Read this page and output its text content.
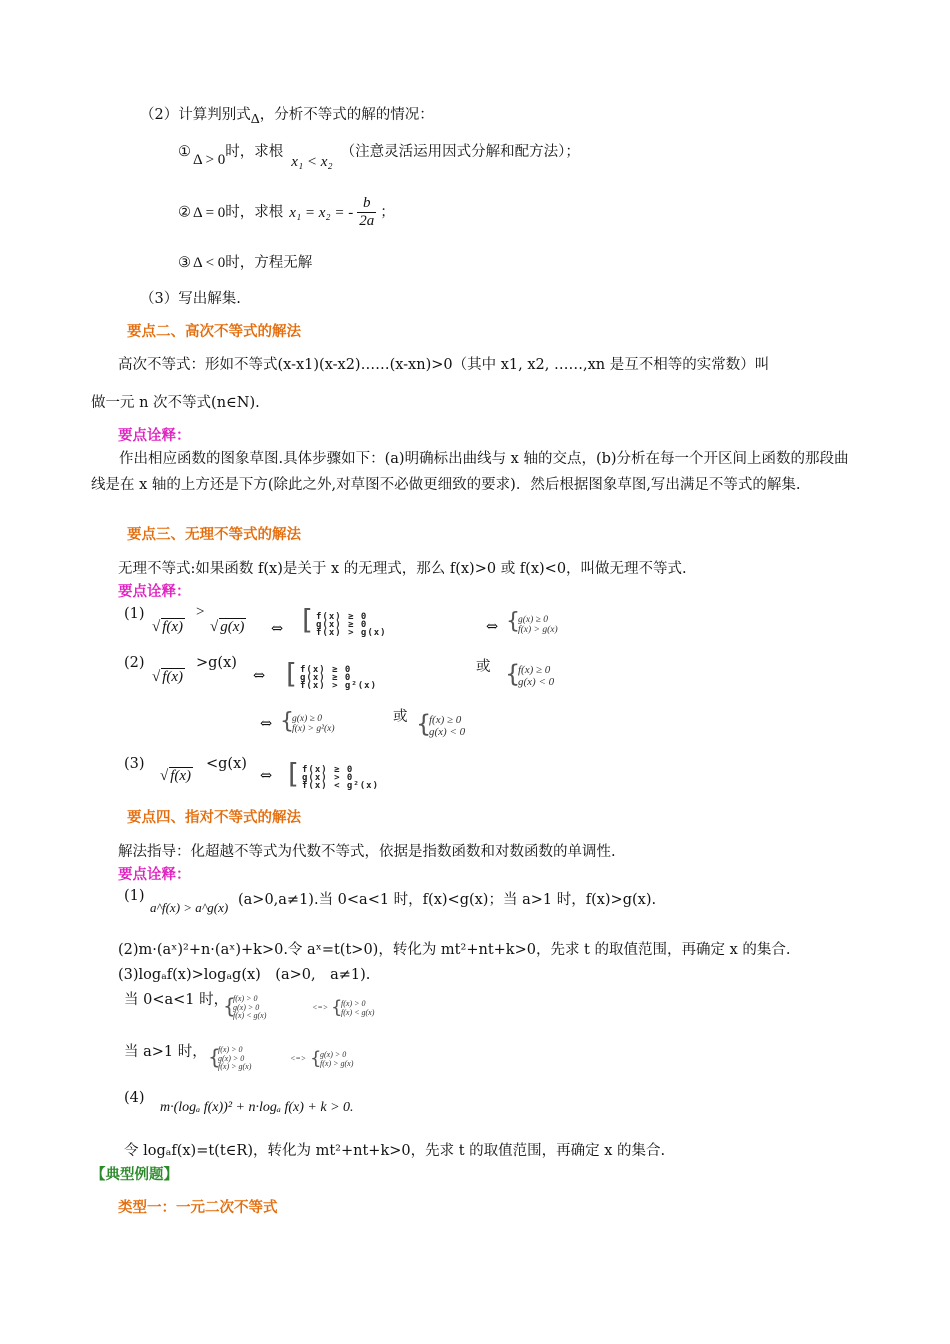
（2）计算判别式Δ，分析不等式的解的情况：
① Δ > 0时，求根x₁ < x₂（注意灵活运用因式分解和配方法）；
② Δ = 0时，求根 x₁ = x₂ = - $\frac{b}{2a}$ ；
③ Δ < 0时，方程无解
（3）写出解集.
要点二、高次不等式的解法
高次不等式：形如不等式(x-x1)(x-x2)……(x-xn)>0（其中 x1, x2, ……,xn 是互不相等的实常数）叫
做一元 n 次不等式(n∈N).
要点诠释：

作出相应函数的图象草图.具体步骤如下：(a)明确标出曲线与 x 轴的交点，(b)分析在每一个开区间上函数的那段曲线是在 x 轴的上方还是下方(除此之外,对草图不必做更细致的要求)．然后根据图象草图,写出满足不等式的解集.

要点三、无理不等式的解法
无理不等式:如果函数 f(x)是关于 x 的无理式，那么 f(x)>0 或 f(x)<0，叫做无理不等式.
要点诠释：
(1)
√ f(x)
>
√ g(x) ⇔ [ f(x) ≥ 0
g(x) ≥ 0
f(x) > g(x)	⇔ {
g(x) ≥ 0
f(x) > g(x)
(2)
√ f(x)
>g(x)
⇔ [ f(x) ≥ 0
g(x) ≥ 0
f(x) > g²(x)
或 {
f(x) ≥ 0
g(x) < 0
⇔ {
g(x) ≥ 0
f(x) > g²(x)
或 {
f(x) ≥ 0
g(x) < 0
(3)
√ f(x)
<g(x)
⇔ [ f(x) ≥ 0
g(x) > 0
f(x) < g²(x)
要点四、指对不等式的解法
解法指导：化超越不等式为代数不等式，依据是指数函数和对数函数的单调性.
要点诠释：
(1)
a^f(x) > a^g(x) (a>0,a≠1).当 0<a<1 时，f(x)<g(x)；当 a>1 时，f(x)>g(x).
(2)m·(aˣ)²+n·(aˣ)+k>0.令 aˣ=t(t>0)，转化为 mt²+nt+k>0，先求 t 的取值范围，再确定 x 的集合.
(3)logₐf(x)>logₐg(x)　(a>0,　a≠1).
当 0<a<1 时，
{
f(x) > 0
g(x) > 0
f(x) < g(x)
<=> {
f(x) > 0
f(x) < g(x)
当 a>1 时， {
f(x) > 0
g(x) > 0
f(x) > g(x)
<=> {
g(x) > 0
f(x) > g(x)
(4)
m·(logₐ f(x))² + n·logₐ f(x) + k > 0.
令 logₐf(x)=t(t∈R)，转化为 mt²+nt+k>0，先求 t 的取值范围，再确定 x 的集合.
【典型例题】
类型一：一元二次不等式
